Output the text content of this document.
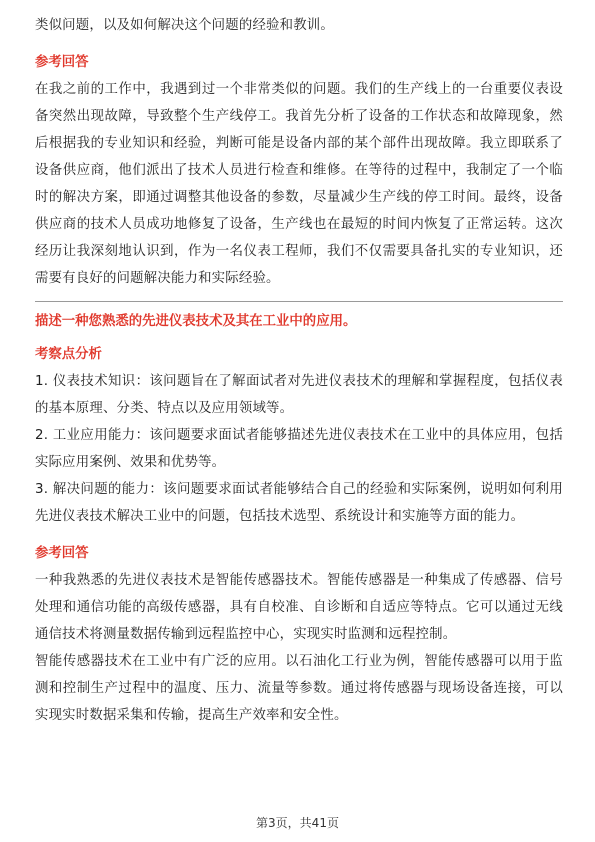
类似问题，以及如何解决这个问题的经验和教训。

参考回答

在我之前的工作中，我遇到过一个非常类似的问题。我们的生产线上的一台重要仪表设备突然出现故障，导致整个生产线停工。我首先分析了设备的工作状态和故障现象，然后根据我的专业知识和经验，判断可能是设备内部的某个部件出现故障。我立即联系了设备供应商，他们派出了技术人员进行检查和维修。在等待的过程中，我制定了一个临时的解决方案，即通过调整其他设备的参数，尽量减少生产线的停工时间。最终，设备供应商的技术人员成功地修复了设备，生产线也在最短的时间内恢复了正常运转。这次经历让我深刻地认识到，作为一名仪表工程师，我们不仅需要具备扎实的专业知识，还需要有良好的问题解决能力和实际经验。

描述一种您熟悉的先进仪表技术及其在工业中的应用。

考察点分析

1. 仪表技术知识：该问题旨在了解面试者对先进仪表技术的理解和掌握程度，包括仪表的基本原理、分类、特点以及应用领域等。

2. 工业应用能力：该问题要求面试者能够描述先进仪表技术在工业中的具体应用，包括实际应用案例、效果和优势等。

3. 解决问题的能力：该问题要求面试者能够结合自己的经验和实际案例，说明如何利用先进仪表技术解决工业中的问题，包括技术选型、系统设计和实施等方面的能力。

参考回答

一种我熟悉的先进仪表技术是智能传感器技术。智能传感器是一种集成了传感器、信号处理和通信功能的高级传感器，具有自校准、自诊断和自适应等特点。它可以通过无线通信技术将测量数据传输到远程监控中心，实现实时监测和远程控制。

智能传感器技术在工业中有广泛的应用。以石油化工行业为例，智能传感器可以用于监测和控制生产过程中的温度、压力、流量等参数。通过将传感器与现场设备连接，可以实现实时数据采集和传输，提高生产效率和安全性。

第3页，共41页
